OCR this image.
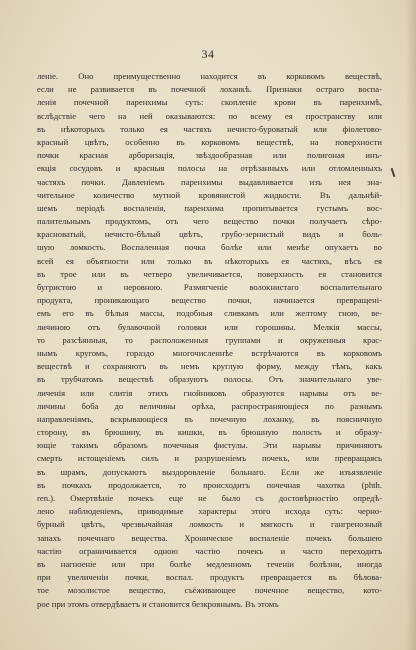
34
ленie. Оно преимущественно находится въ корковомъ веществѣ,
если не развивается въ почечной лоханкѣ. Признаки остраго воспа-
ленія почечной паренхимы суть: скопленіе крови въ паренхимѣ,
вслѣдствіе чего на ней оказываются: по всему ея пространству или
въ нѣкоторыхъ только ея частяхъ нечисто-буроватый или фіолетово-
красный цвѣтъ, особенно въ корковомъ веществѣ, на поверхности
почки красная арборизація, звѣздообразная или полигоная инъ-
екція сосудовъ и красныя полосы на отрѣзанныхъ или отломленныхъ
частяхъ почки. Давленіемъ паренхимы выдавливается изъ нея зна-
чительное количество мутной кровянистой жидкости. Въ дальнѣй-
шемъ періодѣ воспаленія, паренхима пропитывается густымъ вос-
палительнымъ продуктомъ, отъ чего вещество почки получаетъ сѣро-
красноватый, нечисто-бѣлый цвѣтъ, грубо-зернистый видъ и боль-
шую ломкость. Воспаленная почка болѣе или менѣе опухаетъ во
всей ея объятности или только въ нѣкоторыхъ ея частяхъ, вѣсъ ея
въ трое или въ четверо увеличивается, поверхность ея становится
бугристою и неровною. Размягченіе волокнистаго воспалительнаго
продукта, проникающаго вещество почки, начинается превращені-
емъ его въ бѣлыя массы, подобныя сливкамъ или желтому гною, ве-
личиною отъ булавочной головки или горошины. Мелкія массы,
то разсѣянныя, то расположенныя группами и окруженныя крас-
нымъ кругомъ, гораздо многочисленнѣе встрѣчаются въ корковомъ
веществѣ и сохраняютъ въ немъ круглую форму, между тѣмъ, какъ
въ трубчатомъ веществѣ образуютъ полосы. Отъ значительнаго уве-
личенія или слитія этихъ гнойниковъ образуются нарывы отъ ве-
личины боба до величины орѣха, распространяющіеся по разнымъ
направленіямъ, вскрывающіеся въ почечную лоханку, въ поясничную
сторону, въ брюшину, въ кишки, въ брюшную полость и образу-
ющіе такимъ образомъ почечныя фистулы. Эти нарывы причиняютъ
смерть истощеніемъ силъ и разрушеніемъ почекъ, или превращаясь
въ шрамъ, допускаютъ выздоровленіе больнаго. Если же изъязвленіе
въ почкахъ продолжается, то происходитъ почечная чахотка (phth.
ren.). Омертвѣніе почекъ еще не было съ достовѣрностію опредѣ-
лено наблюденіемъ, приводимые характеры этого исхода суть: черно-
бурный цвѣтъ, чрезвычайная ломкость и мягкость и гангренозный
запахъ почечнаго вещества. Хроническое воспаленіе почекъ большею
частію ограничивается одною частію почекъ и часто переходитъ
въ нагноеніе или при болѣе медленномъ теченіи болѣзни, иногда
при увеличеніи почки, воспал. продуктъ превращается въ бѣлова-
тое мозолистое вещество, съёживающее почечное вещество, кото-
рое при этомъ отвердѣваетъ и становится безкровнымъ. Въ этомъ
